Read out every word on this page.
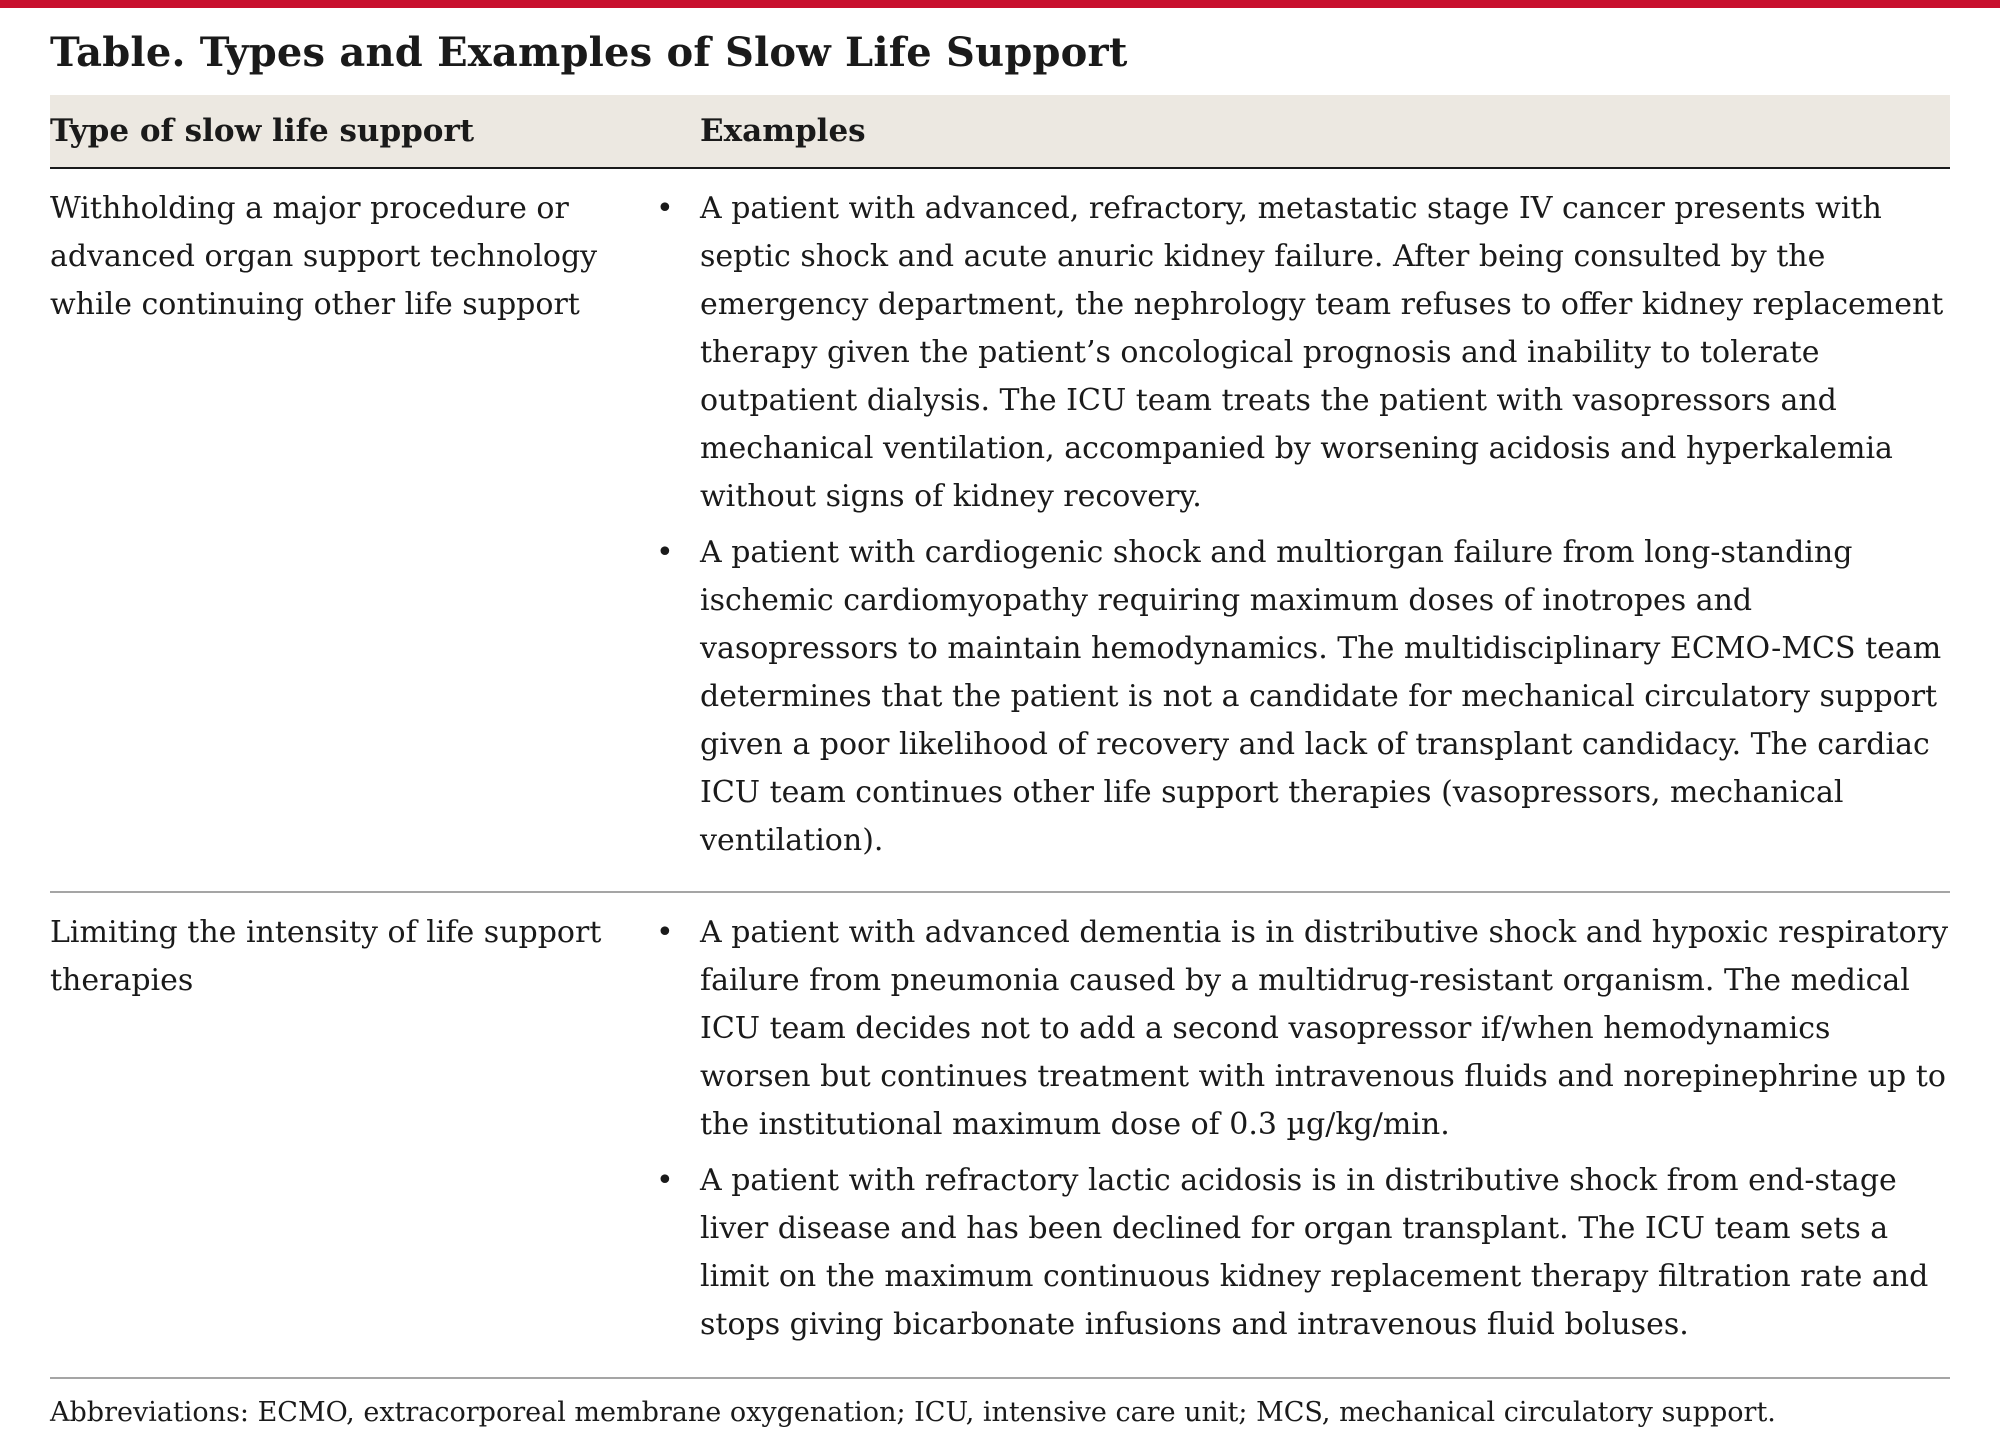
Table. Types and Examples of Slow Life Support
Type of slow life support	Examples
Withholding a major procedure or advanced organ support technology while continuing other life support
• A patient with advanced, refractory, metastatic stage IV cancer presents with septic shock and acute anuric kidney failure. After being consulted by the emergency department, the nephrology team refuses to offer kidney replacement therapy given the patient’s oncological prognosis and inability to tolerate outpatient dialysis. The ICU team treats the patient with vasopressors and mechanical ventilation, accompanied by worsening acidosis and hyperkalemia without signs of kidney recovery.
• A patient with cardiogenic shock and multiorgan failure from long-standing ischemic cardiomyopathy requiring maximum doses of inotropes and vasopressors to maintain hemodynamics. The multidisciplinary ECMO-MCS team determines that the patient is not a candidate for mechanical circulatory support given a poor likelihood of recovery and lack of transplant candidacy. The cardiac ICU team continues other life support therapies (vasopressors, mechanical ventilation).
Limiting the intensity of life support therapies
• A patient with advanced dementia is in distributive shock and hypoxic respiratory failure from pneumonia caused by a multidrug-resistant organism. The medical ICU team decides not to add a second vasopressor if/when hemodynamics worsen but continues treatment with intravenous fluids and norepinephrine up to the institutional maximum dose of 0.3 µg/kg/min.
• A patient with refractory lactic acidosis is in distributive shock from end-stage liver disease and has been declined for organ transplant. The ICU team sets a limit on the maximum continuous kidney replacement therapy filtration rate and stops giving bicarbonate infusions and intravenous fluid boluses.
Abbreviations: ECMO, extracorporeal membrane oxygenation; ICU, intensive care unit; MCS, mechanical circulatory support.
